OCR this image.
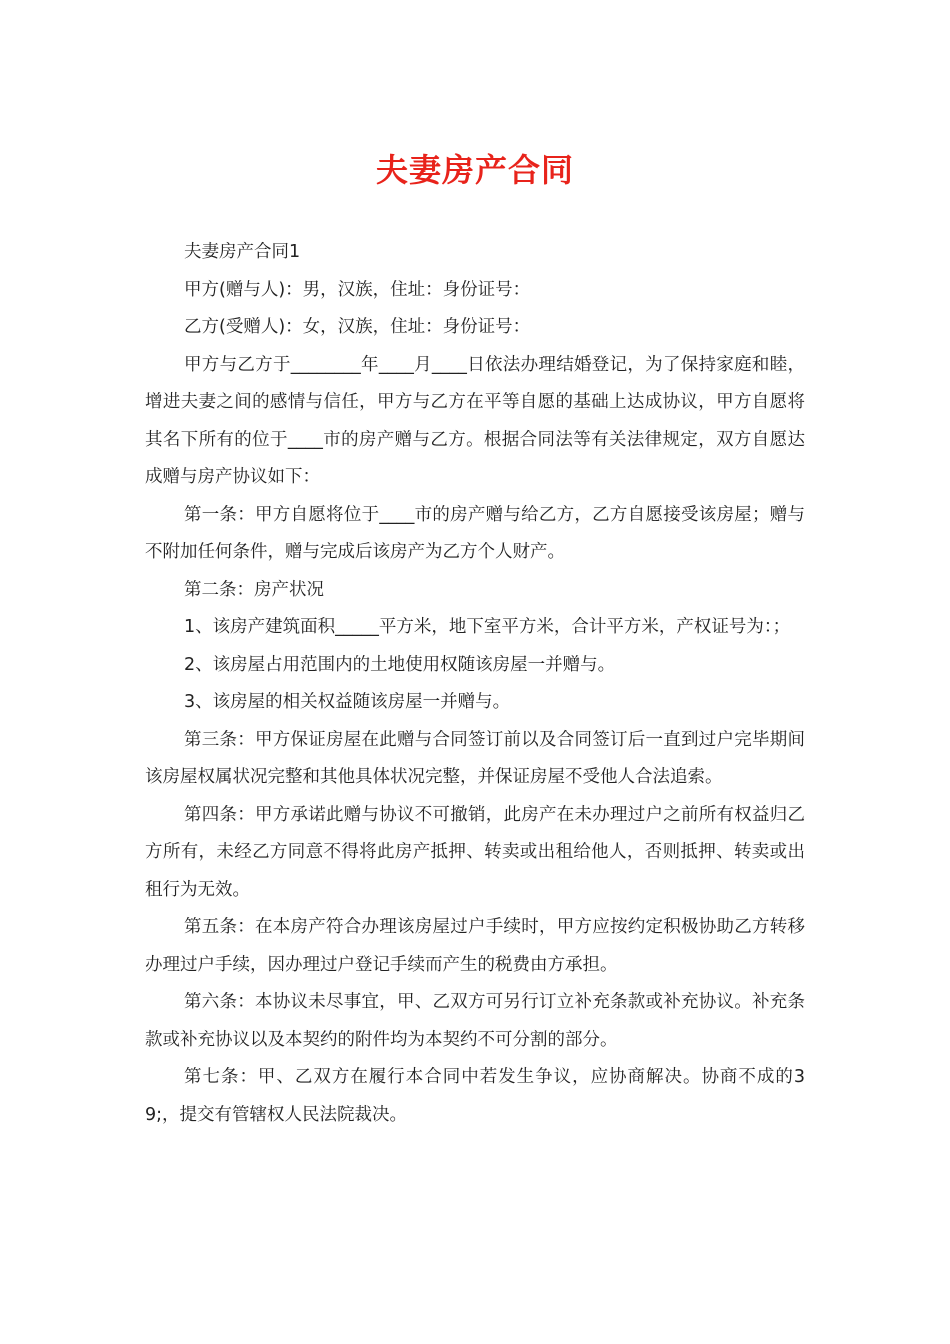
夫妻房产合同

夫妻房产合同1

甲方(赠与人)：男，汉族，住址：身份证号：

乙方(受赠人)：女，汉族，住址：身份证号：

甲方与乙方于________年____月____日依法办理结婚登记，为了保持家庭和睦，增进夫妻之间的感情与信任，甲方与乙方在平等自愿的基础上达成协议，甲方自愿将其名下所有的位于____市的房产赠与乙方。根据合同法等有关法律规定，双方自愿达成赠与房产协议如下：

第一条：甲方自愿将位于____市的房产赠与给乙方，乙方自愿接受该房屋；赠与不附加任何条件，赠与完成后该房产为乙方个人财产。

第二条：房产状况

1、该房产建筑面积_____平方米，地下室平方米，合计平方米，产权证号为：；

2、该房屋占用范围内的土地使用权随该房屋一并赠与。

3、该房屋的相关权益随该房屋一并赠与。

第三条：甲方保证房屋在此赠与合同签订前以及合同签订后一直到过户完毕期间该房屋权属状况完整和其他具体状况完整，并保证房屋不受他人合法追索。

第四条：甲方承诺此赠与协议不可撤销，此房产在未办理过户之前所有权益归乙方所有，未经乙方同意不得将此房产抵押、转卖或出租给他人，否则抵押、转卖或出租行为无效。

第五条：在本房产符合办理该房屋过户手续时，甲方应按约定积极协助乙方转移办理过户手续，因办理过户登记手续而产生的税费由方承担。

第六条：本协议未尽事宜，甲、乙双方可另行订立补充条款或补充协议。补充条款或补充协议以及本契约的附件均为本契约不可分割的部分。

第七条：甲、乙双方在履行本合同中若发生争议，应协商解决。协商不成的39;，提交有管辖权人民法院裁决。
